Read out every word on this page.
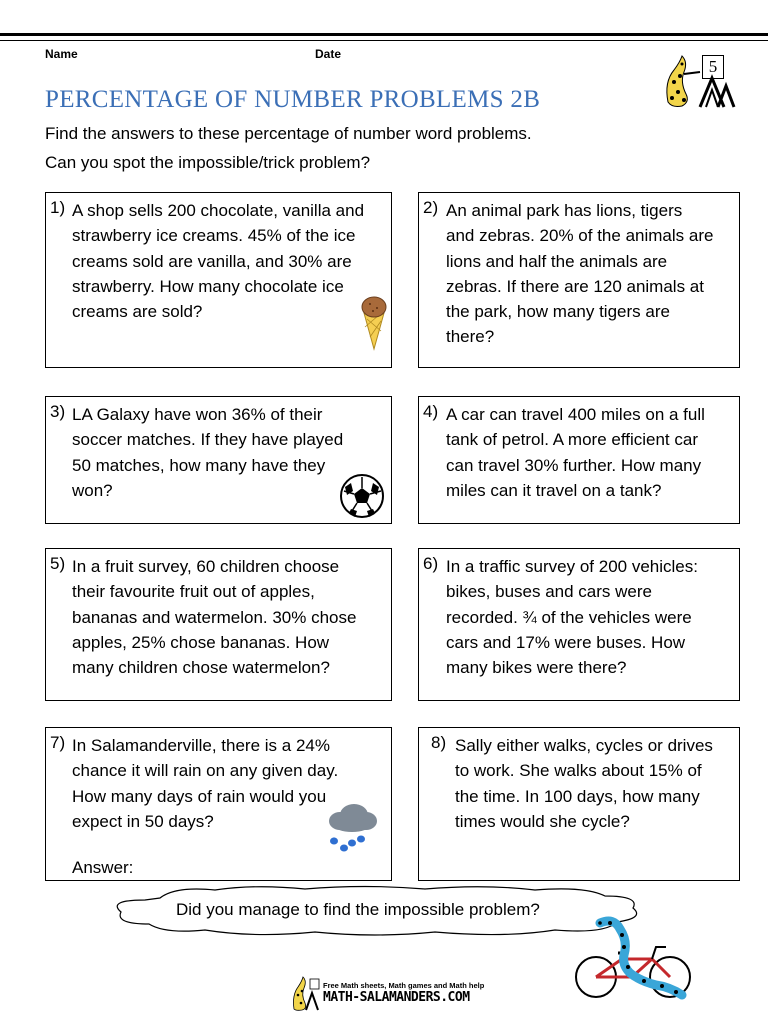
Name	Date
5
PERCENTAGE OF NUMBER PROBLEMS 2B
Find the answers to these percentage of number word problems.
Can you spot the impossible/trick problem?
1) A shop sells 200 chocolate, vanilla and
strawberry ice creams. 45% of the ice
creams sold are vanilla, and 30% are
strawberry. How many chocolate ice
creams are sold?
2) An animal park has lions, tigers
and zebras. 20% of the animals are
lions and half the animals are
zebras. If there are 120 animals at
the park, how many tigers are
there?
3) LA Galaxy have won 36% of their
soccer matches. If they have played
50 matches, how many have they
won?
4) A car can travel 400 miles on a full
tank of petrol. A more efficient car
can travel 30% further. How many
miles can it travel on a tank?
5) In a fruit survey, 60 children choose
their favourite fruit out of apples,
bananas and watermelon. 30% chose
apples, 25% chose bananas. How
many children chose watermelon?
6) In a traffic survey of 200 vehicles:
bikes, buses and cars were
recorded. ¾ of the vehicles were
cars and 17% were buses. How
many bikes were there?
7) In Salamanderville, there is a 24%
chance it will rain on any given day.
How many days of rain would you
expect in 50 days?
Answer:
8) Sally either walks, cycles or drives
to work. She walks about 15% of
the time. In 100 days, how many
times would she cycle?
Did you manage to find the impossible problem?
Free Math sheets, Math games and Math help
MATH-SALAMANDERS.COM
